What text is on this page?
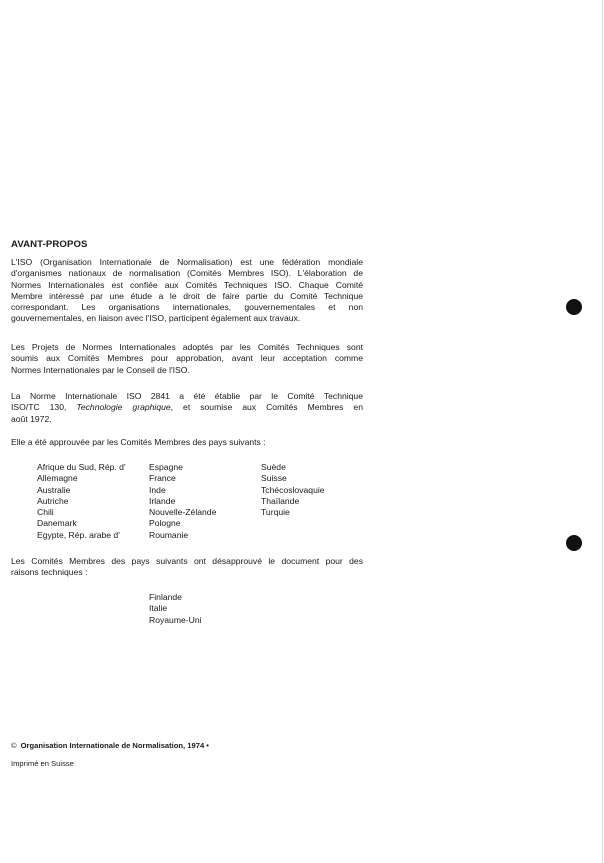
AVANT-PROPOS
L'ISO (Organisation Internationale de Normalisation) est une fédération mondiale
d'organismes nationaux de normalisation (Comités Membres ISO). L'élaboration de
Normes Internationales est confiée aux Comités Techniques ISO. Chaque Comité
Membre intéressé par une étude a le droit de faire partie du Comité Technique
correspondant. Les organisations internationales, gouvernementales et non
gouvernementales, en liaison avec l'ISO, participent également aux travaux.
Les Projets de Normes Internationales adoptés par les Comités Techniques sont
soumis aux Comités Membres pour approbation, avant leur acceptation comme
Normes Internationales par le Conseil de l'ISO.
La Norme Internationale ISO 2841 a été établie par le Comité Technique
ISO/TC 130, Technologie graphique, et soumise aux Comités Membres en
août 1972.
Elle a été approuvée par les Comités Membres des pays suivants :
Afrique du Sud, Rép. d'
Allemagne
Australie
Autriche
Chili
Danemark
Egypte, Rép. arabe d'
Espagne
France
Inde
Irlande
Nouvelle-Zélande
Pologne
Roumanie
Suède
Suisse
Tchécoslovaquie
Thaïlande
Turquie
Les Comités Membres des pays suivants ont désapprouvé le document pour des
raisons techniques :
Finlande
Italie
Royaume-Uni
© Organisation Internationale de Normalisation, 1974 •
Imprimé en Suisse
